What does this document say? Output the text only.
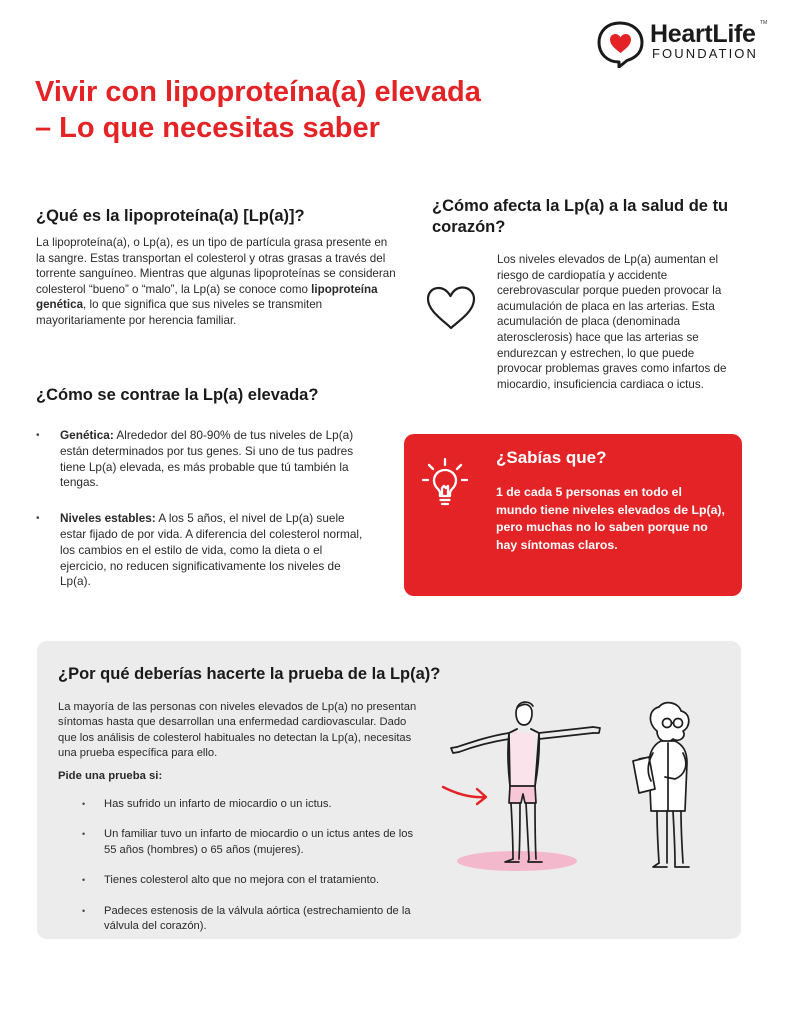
HeartLife TM
FOUNDATION
Vivir con lipoproteína(a) elevada
– Lo que necesitas saber
¿Qué es la lipoproteína(a) [Lp(a)]?

La lipoproteína(a), o Lp(a), es un tipo de partícula grasa presente en la sangre. Estas transportan el colesterol y otras grasas a través del torrente sanguíneo. Mientras que algunas lipoproteínas se consideran colesterol “bueno” o “malo”, la Lp(a) se conoce como lipoproteína genética, lo que significa que sus niveles se transmiten mayoritariamente por herencia familiar.

¿Cómo afecta la Lp(a) a la salud de tu corazón?

Los niveles elevados de Lp(a) aumentan el riesgo de cardiopatía y accidente cerebrovascular porque pueden provocar la acumulación de placa en las arterias. Esta acumulación de placa (denominada aterosclerosis) hace que las arterias se endurezcan y estrechen, lo que puede provocar problemas graves como infartos de miocardio, insuficiencia cardiaca o ictus.

¿Cómo se contrae la Lp(a) elevada?
• Genética: Alrededor del 80-90% de tus niveles de Lp(a) están determinados por tus genes. Si uno de tus padres tiene Lp(a) elevada, es más probable que tú también la tengas.
• Niveles estables: A los 5 años, el nivel de Lp(a) suele estar fijado de por vida. A diferencia del colesterol normal, los cambios en el estilo de vida, como la dieta o el ejercicio, no reducen significativamente los niveles de Lp(a).
¿Sabías que?
1 de cada 5 personas en todo el mundo tiene niveles elevados de Lp(a), pero muchas no lo saben porque no hay síntomas claros.
¿Por qué deberías hacerte la prueba de la Lp(a)?

La mayoría de las personas con niveles elevados de Lp(a) no presentan síntomas hasta que desarrollan una enfermedad cardiovascular. Dado que los análisis de colesterol habituales no detectan la Lp(a), necesitas una prueba específica para ello.

Pide una prueba si:

• Has sufrido un infarto de miocardio o un ictus.
• Un familiar tuvo un infarto de miocardio o un ictus antes de los 55 años (hombres) o 65 años (mujeres).
• Tienes colesterol alto que no mejora con el tratamiento.
• Padeces estenosis de la válvula aórtica (estrechamiento de la válvula del corazón).
